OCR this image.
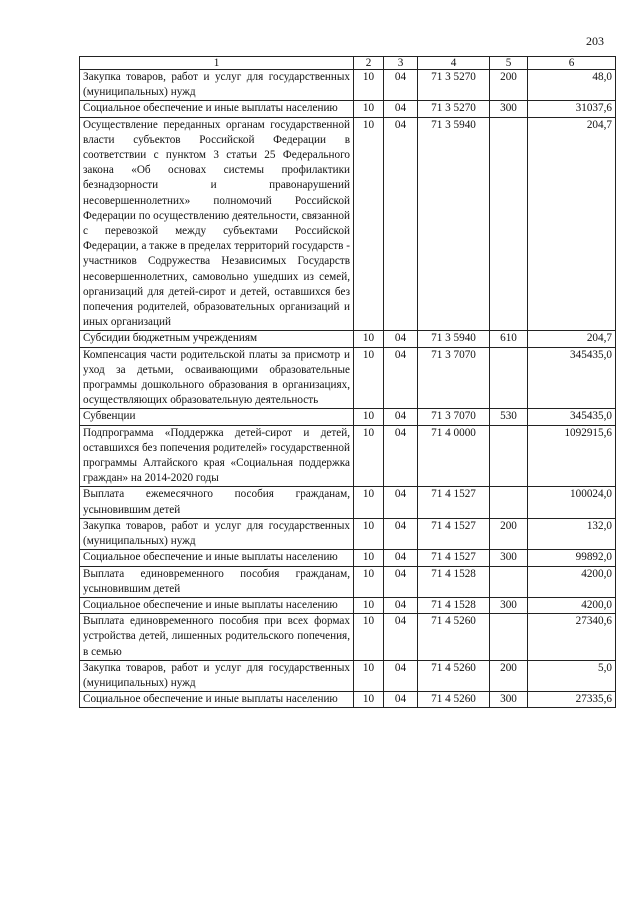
203
1	2	3	4	5	6
Закупка товаров, работ и услуг для государственных (муниципальных) нужд	10	04	71 3 5270	200	48,0
Социальное обеспечение и иные выплаты населению	10	04	71 3 5270	300	31037,6
Осуществление переданных органам государственной власти субъектов Российской Федерации в соответствии с пунктом 3 статьи 25 Федерального закона «Об основах системы профилактики безнадзорности и правонарушений несовершеннолетних» полномочий Российской Федерации по осуществлению деятельности, связанной с перевозкой между субъектами Российской Федерации, а также в пределах территорий государств - участников Содружества Независимых Государств несовершеннолетних, самовольно ушедших из семей, организаций для детей-сирот и детей, оставшихся без попечения родителей, образовательных организаций и иных организаций	10	04	71 3 5940		204,7
Субсидии бюджетным учреждениям	10	04	71 3 5940	610	204,7
Компенсация части родительской платы за присмотр и уход за детьми, осваивающими образовательные программы дошкольного образования в организациях, осуществляющих образовательную деятельность	10	04	71 3 7070		345435,0
Субвенции	10	04	71 3 7070	530	345435,0
Подпрограмма «Поддержка детей-сирот и детей, оставшихся без попечения родителей» государственной программы Алтайского края «Социальная поддержка граждан» на 2014-2020 годы	10	04	71 4 0000		1092915,6
Выплата ежемесячного пособия гражданам, усыновившим детей	10	04	71 4 1527		100024,0
Закупка товаров, работ и услуг для государственных (муниципальных) нужд	10	04	71 4 1527	200	132,0
Социальное обеспечение и иные выплаты населению	10	04	71 4 1527	300	99892,0
Выплата единовременного пособия гражданам, усыновившим детей	10	04	71 4 1528		4200,0
Социальное обеспечение и иные выплаты населению	10	04	71 4 1528	300	4200,0
Выплата единовременного пособия при всех формах устройства детей, лишенных родительского попечения, в семью	10	04	71 4 5260		27340,6
Закупка товаров, работ и услуг для государственных (муниципальных) нужд	10	04	71 4 5260	200	5,0
Социальное обеспечение и иные выплаты населению	10	04	71 4 5260	300	27335,6
